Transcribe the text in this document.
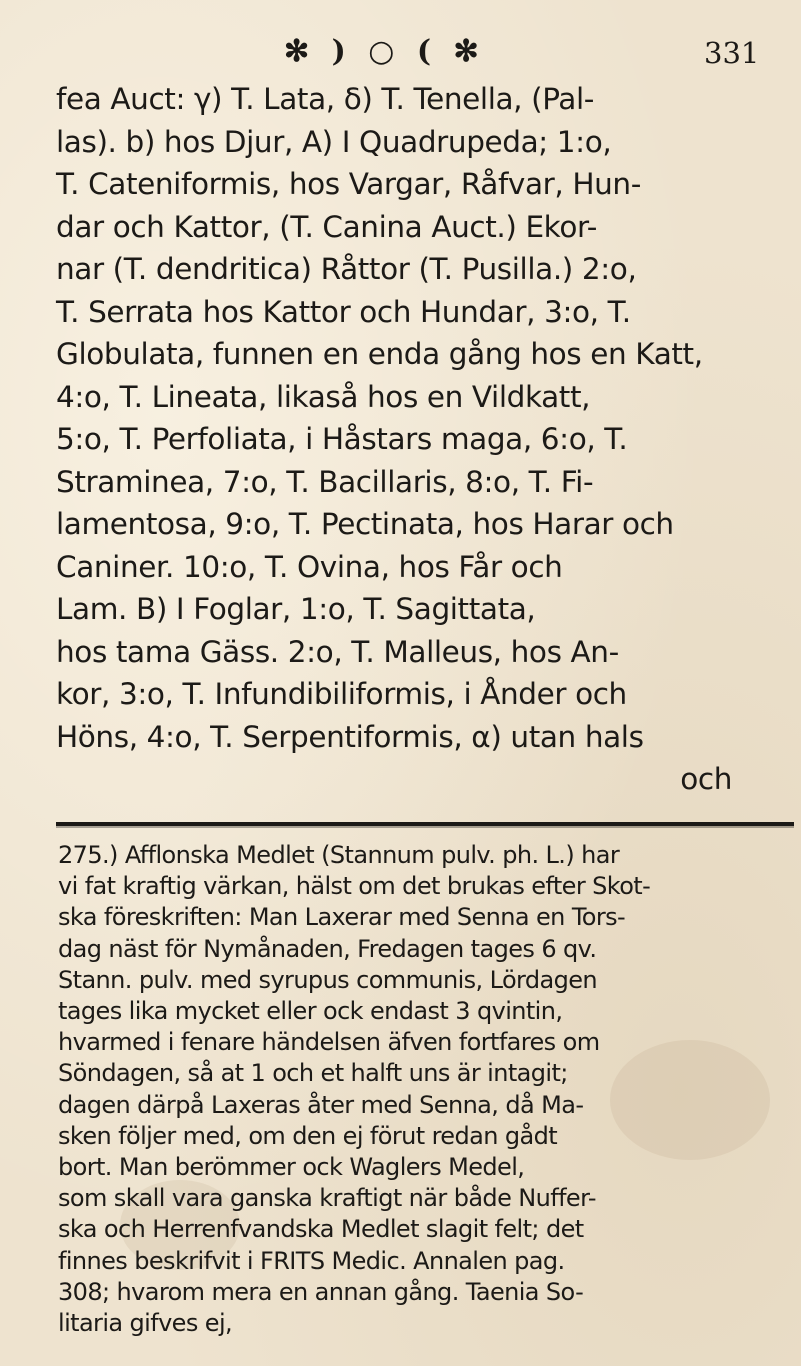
✻ ) ○ ( ✻	331
fea Auct: γ) T. Lata, δ) T. Tenella, (Pal-
las). b) hos Djur, A) I Quadrupeda; 1:o,
T. Cateniformis, hos Vargar, Råfvar, Hun-
dar och Kattor, (T. Canina Auct.) Ekor-
nar (T. dendritica) Råttor (T. Pusilla.) 2:o,
T. Serrata hos Kattor och Hundar, 3:o, T.
Globulata, funnen en enda gång hos en Katt,
4:o, T. Lineata, likaså hos en Vildkatt,
5:o, T. Perfoliata, i Håstars maga, 6:o, T.
Straminea, 7:o, T. Bacillaris, 8:o, T. Fi-
lamentosa, 9:o, T. Pectinata, hos Harar och
Caniner. 10:o, T. Ovina, hos Får och
Lam. B) I Foglar, 1:o, T. Sagittata,
hos tama Gäss. 2:o, T. Malleus, hos An-
kor, 3:o, T. Infundibiliformis, i Ånder och
Höns, 4:o, T. Serpentiformis, α) utan hals
och
275.) Afflonska Medlet (Stannum pulv. ph. L.) har
vi fat kraftig värkan, hälst om det brukas efter Skot-
ska föreskriften: Man Laxerar med Senna en Tors-
dag näst för Nymånaden, Fredagen tages 6 qv.
Stann. pulv. med syrupus communis, Lördagen
tages lika mycket eller ock endast 3 qvintin,
hvarmed i fenare händelsen äfven fortfares om
Söndagen, så at 1 och et halft uns är intagit;
dagen därpå Laxeras åter med Senna, då Ma-
sken följer med, om den ej förut redan gådt
bort. Man berömmer ock Waglers Medel,
som skall vara ganska kraftigt när både Nuffer-
ska och Herrenfvandska Medlet slagit felt; det
finnes beskrifvit i FRITS Medic. Annalen pag.
308; hvarom mera en annan gång. Taenia So-
litaria gifves ej,
